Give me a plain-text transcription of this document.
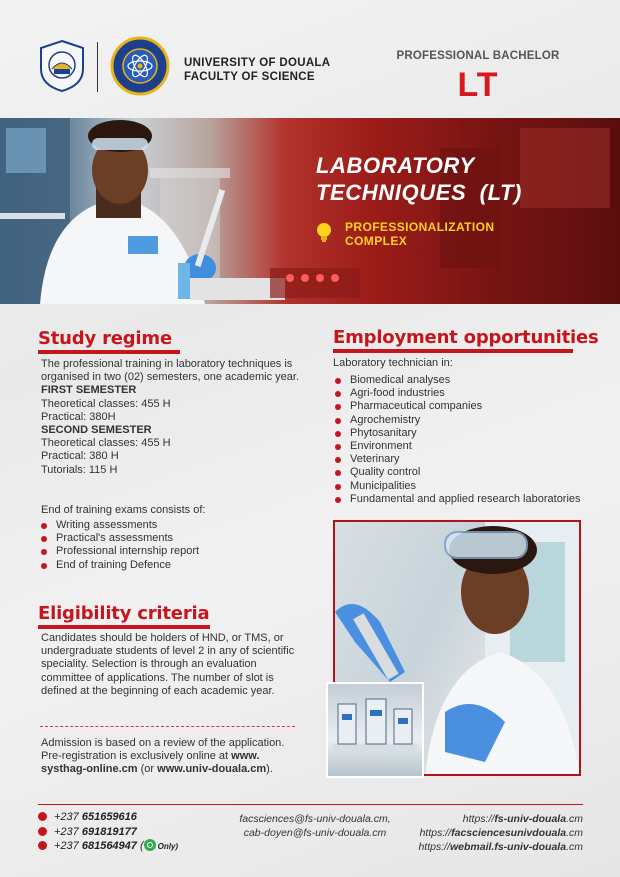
UNIVERSITY OF DOUALA
FACULTY OF SCIENCE
PROFESSIONAL BACHELOR
LT
LABORATORY
TECHNIQUES  (LT)
PROFESSIONALIZATION
COMPLEX
Study regime
The professional training in laboratory techniques is organised in two (02) semesters, one academic year.
FIRST SEMESTER
Theoretical classes: 455 H
Practical: 380H
SECOND SEMESTER
Theoretical classes: 455 H
Practical: 380 H
Tutorials: 115 H
End of training exams consists of:
Writing assessments
Practical's assessments
Professional internship report
End of training Defence
Employment opportunities
Laboratory technician in:
Biomedical analyses
Agri-food industries
Pharmaceutical companies
Agrochemistry
Phytosanitary
Environment
Veterinary
Quality control
Municipalities
Fundamental and applied research laboratories
Eligibility criteria
Candidates should be holders of HND, or TMS, or undergraduate students of level 2 in any of scientific speciality. Selection is through an evaluation committee of applications. The number of slot is defined at the beginning of each academic year.
Admission is based on a review of the application.
Pre-registration is exclusively online at www. systhag-online.cm (or www.univ-douala.cm).
+237 651659616
+237 691819177
+237 681564947 ( Only)
facsciences@fs-univ-douala.cm,
cab-doyen@fs-univ-douala.cm
https://fs-univ-douala.cm
https://facsciencesunivdouala.cm
https://webmail.fs-univ-douala.cm
